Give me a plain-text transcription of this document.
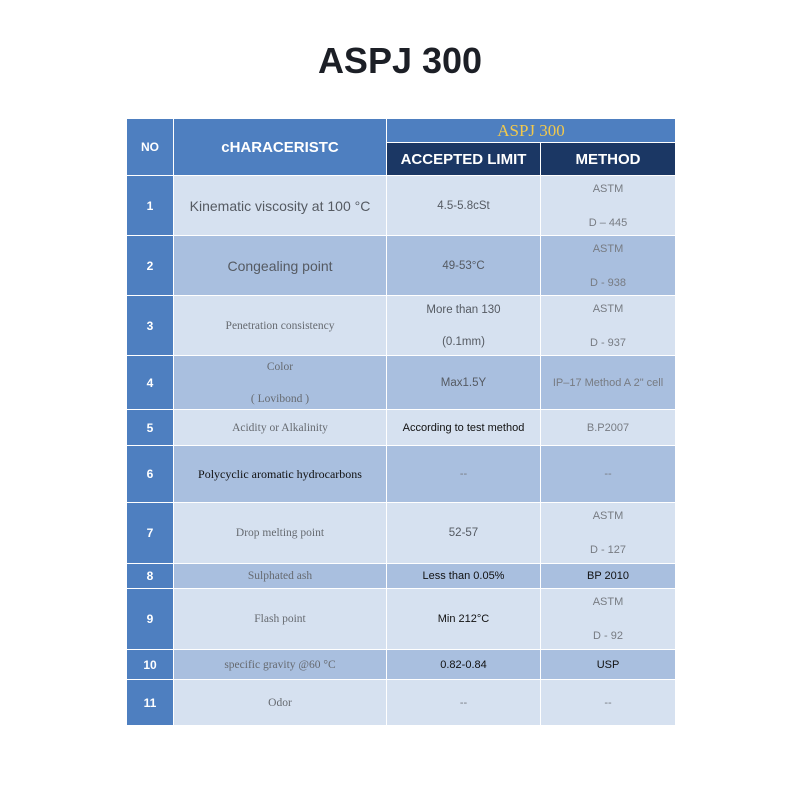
ASPJ 300
NO	cHARACERISTC	ASPJ 300	
		ACCEPTED LIMIT	METHOD
1	Kinematic viscosity at 100 °C	4.5-5.8cSt	ASTM
D – 445

2	Congealing point	49-53°C	ASTM
D - 938

3	Penetration consistency	More than 130
(0.1mm)	ASTM
D - 937

4	Color
( Lovibond )	Max1.5Y	IP–17 Method A 2" cell
5	Acidity or Alkalinity	According to test method	B.P2007
6	Polycyclic aromatic hydrocarbons	--	--
7	Drop melting point	52-57	ASTM
D - 127

8	Sulphated ash	Less than 0.05%	BP 2010
9	Flash point	Min 212°C	ASTM
D - 92

10	specific gravity @60 °C	0.82-0.84	USP
11	Odor	--	--
